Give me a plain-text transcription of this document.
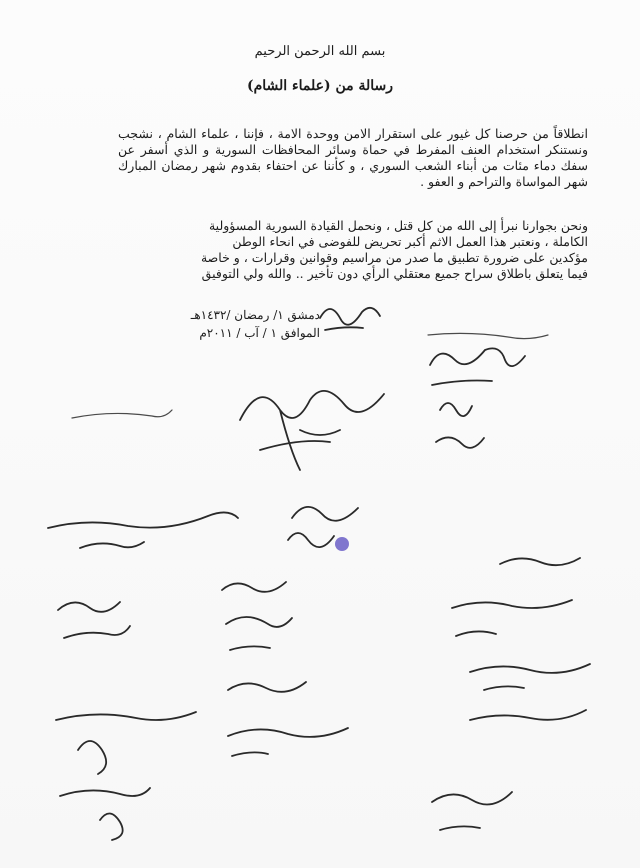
بسم الله الرحمن الرحيم
رسالة من (علماء الشام)
انطلاقاً من حرصنا كل غيور على استقرار الامن ووحدة الامة ، فإننا ، علماء الشام ، نشجب ونستنكر استخدام العنف المفرط في حماة وسائر المحافظات السورية و الذي أسفر عن سفك دماء مئات من أبناء الشعب السوري ، و كأننا عن احتفاء بقدوم شهر رمضان المبارك شهر المواساة والتراحم و العفو .

ونحن بجوارنا نبرأ إلى الله من كل قتل ، ونحمل القيادة السورية المسؤولية

الكاملة ، ونعتبر هذا العمل الاثم أكبر تحريض للفوضى في انحاء الوطن

مؤكدين على ضرورة تطبيق ما صدر من مراسيم وقوانين وقرارات ، و خاصة

فيما يتعلق باطلاق سراح جميع معتقلي الرأي دون تأخير .. والله ولي التوفيق

دمشق ١/ رمضان /١٤٣٢هـ
الموافق ١ / آب / ٢٠١١م
